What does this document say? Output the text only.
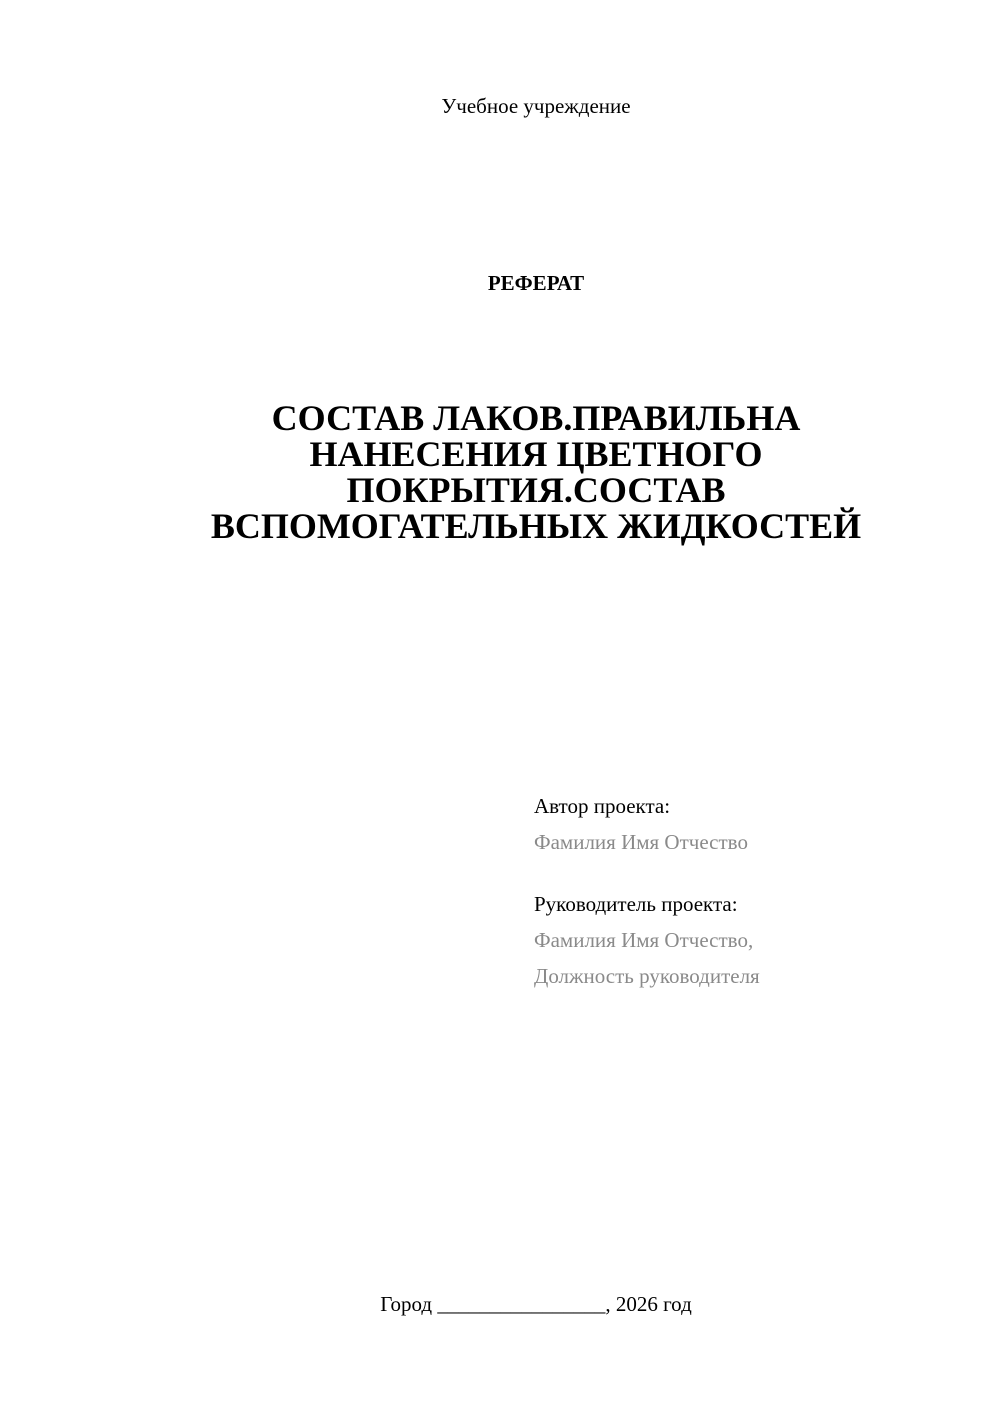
Учебное учреждение
РЕФЕРАТ
СОСТАВ ЛАКОВ.ПРАВИЛЬНА
НАНЕСЕНИЯ ЦВЕТНОГО
ПОКРЫТИЯ.СОСТАВ
ВСПОМОГАТЕЛЬНЫХ ЖИДКОСТЕЙ
Автор проекта:
Фамилия Имя Отчество
Руководитель проекта:
Фамилия Имя Отчество,
Должность руководителя
Город ________________, 2026 год
